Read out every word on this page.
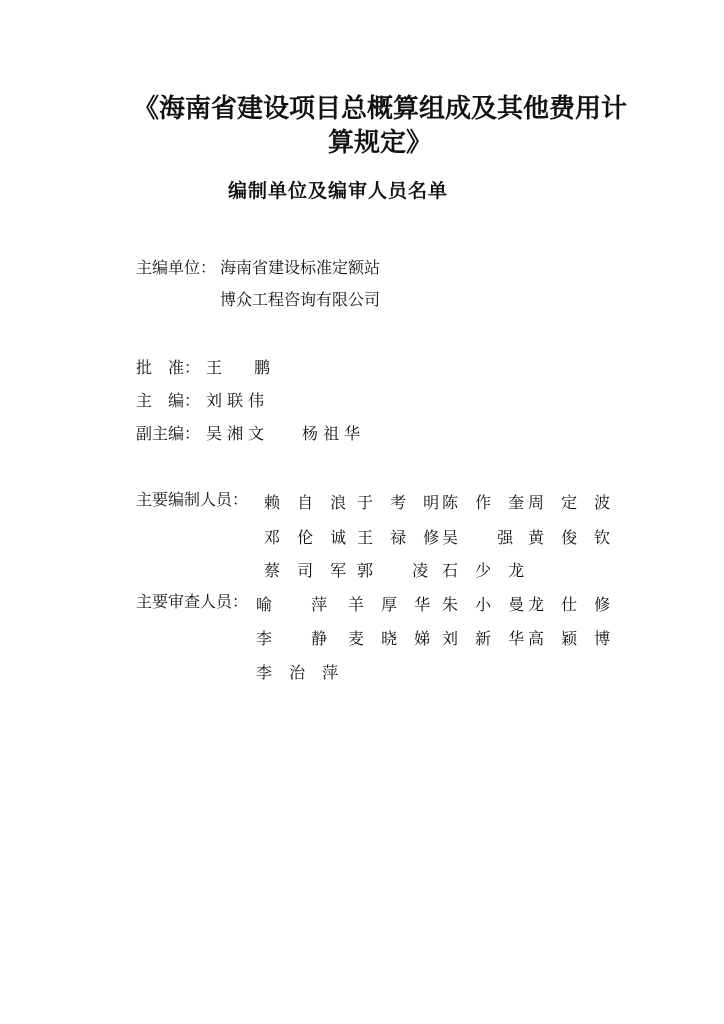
《海南省建设项目总概算组成及其他费用计算规定》
编制单位及编审人员名单
主编单位： 海南省建设标准定额站
博众工程咨询有限公司
批　准： 王　　鹏
主　编： 刘 联 伟
副主编： 吴 湘 文 杨 祖 华
主要编制人员： 赖 自 浪 于 考 明
陈 作 奎
周 定 波
邓 伦 诚 王 禄 修
吴　 强 黄 俊 钦
蔡 司 军 郭　 凌 石 少 龙
主要审查人员： 喻　 萍 羊 厚 华 朱 小 曼
龙 仕 修
李　 静 麦 晓 娣 刘 新 华
高 颖 博
李 治 萍
